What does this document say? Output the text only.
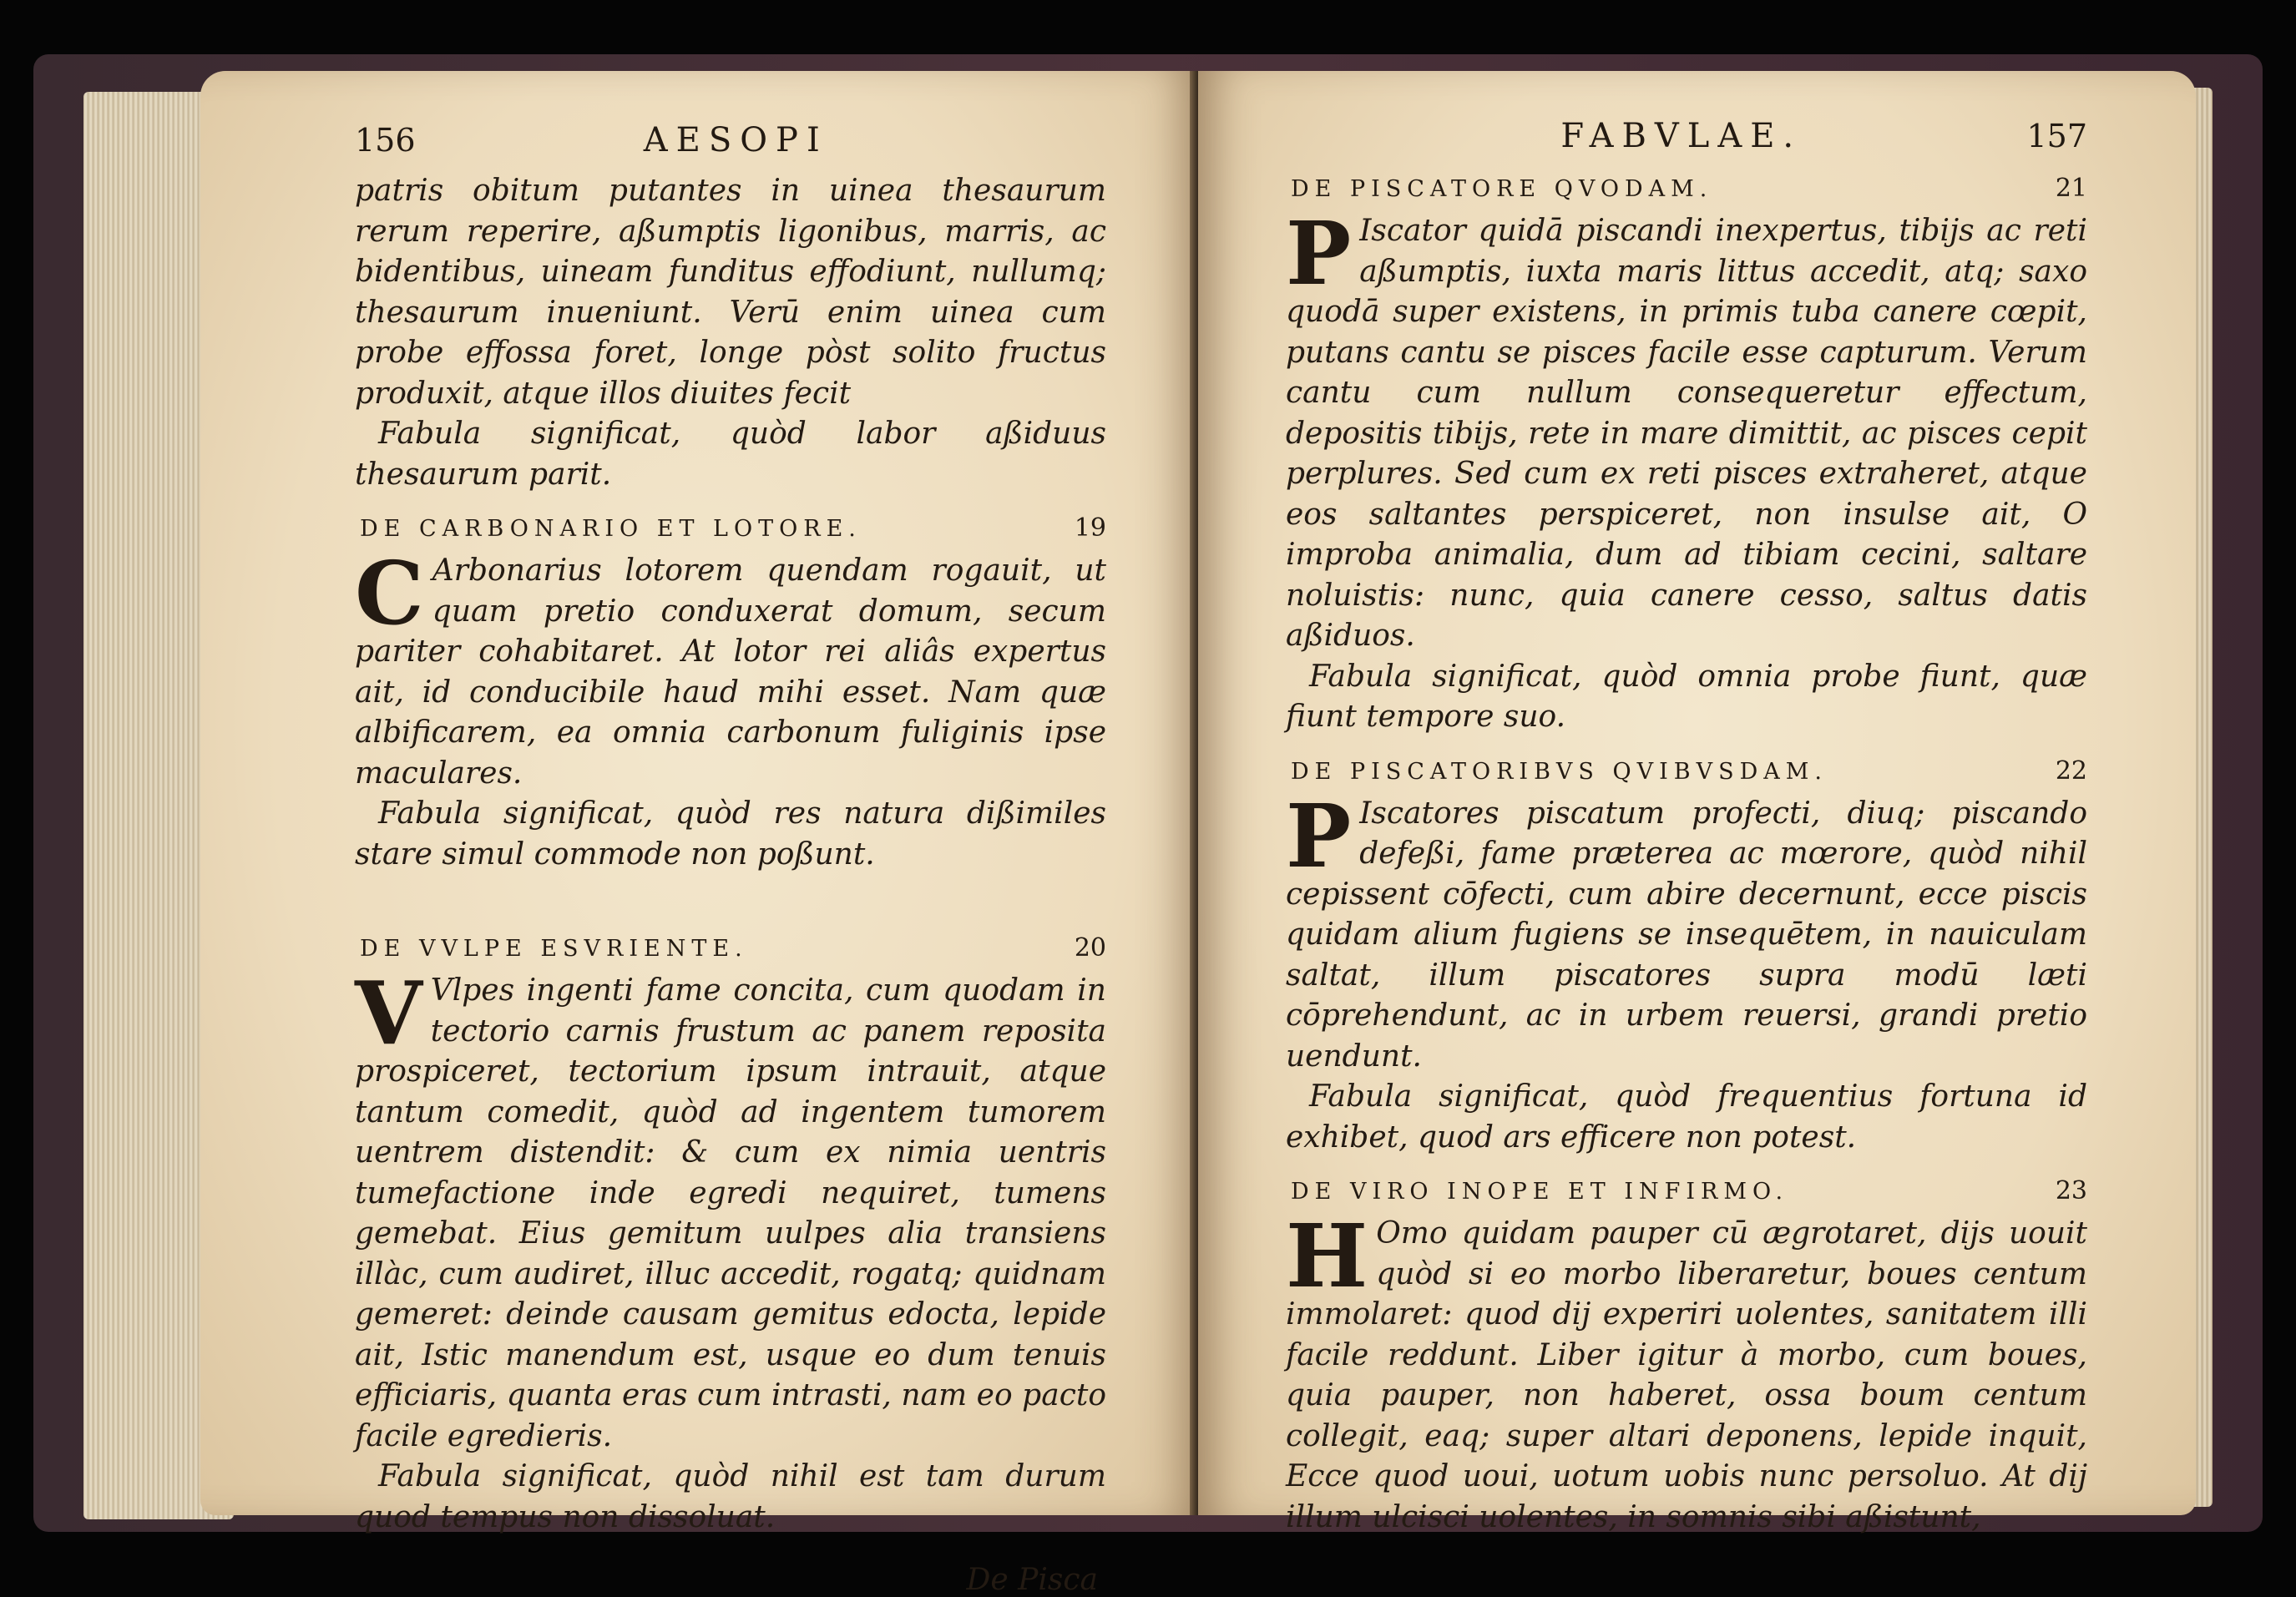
156	AESOPI

patris obitum putantes in uinea thesaurum rerum reperire, aßumptis ligonibus, marris, ac bidentibus, uineam funditus effodiunt, nullumq; thesaurum inueniunt. Verū enim uinea cum probe effossa foret, longe pòst solito fructus produxit, atque illos diuites fecit

Fabula significat, quòd labor aßiduus thesaurum parit.

DE CARBONARIO ET LOTORE.	19

C Arbonarius lotorem quendam rogauit, ut quam pretio conduxerat domum, secum pariter cohabitaret. At lotor rei aliâs expertus ait, id conducibile haud mihi esset. Nam quæ albificarem, ea omnia carbonum fuliginis ipse maculares.

Fabula significat, quòd res natura dißimiles stare simul commode non poßunt.

DE VVLPE ESVRIENTE.	20

V Vlpes ingenti fame concita, cum quodam in tectorio carnis frustum ac panem reposita prospiceret, tectorium ipsum intrauit, atque tantum comedit, quòd ad ingentem tumorem uentrem distendit: & cum ex nimia uentris tumefactione inde egredi nequiret, tumens gemebat. Eius gemitum uulpes alia transiens illàc, cum audiret, illuc accedit, rogatq; quidnam gemeret: deinde causam gemitus edocta, lepide ait, Istic manendum est, usque eo dum tenuis efficiaris, quanta eras cum intrasti, nam eo pacto facile egredieris.

Fabula significat, quòd nihil est tam durum quod tempus non dissoluat.

De Pisca
FABVLAE.	157
DE PISCATORE QVODAM.	21

P Iscator quidā piscandi inexpertus, tibijs ac reti aßumptis, iuxta maris littus accedit, atq; saxo quodā super existens, in primis tuba canere cœpit, putans cantu se pisces facile esse capturum. Verum cantu cum nullum consequeretur effectum, depositis tibijs, rete in mare dimittit, ac pisces cepit perplures. Sed cum ex reti pisces extraheret, atque eos saltantes perspiceret, non insulse ait, O improba animalia, dum ad tibiam cecini, saltare noluistis: nunc, quia canere cesso, saltus datis aßiduos.

Fabula significat, quòd omnia probe fiunt, quæ fiunt tempore suo.

DE PISCATORIBVS QVIBVSDAM.	22

P Iscatores piscatum profecti, diuq; piscando defeßi, fame præterea ac mœrore, quòd nihil cepissent cōfecti, cum abire decernunt, ecce piscis quidam alium fugiens se insequētem, in nauiculam saltat, illum piscatores supra modū læti cōprehendunt, ac in urbem reuersi, grandi pretio uendunt.

Fabula significat, quòd frequentius fortuna id exhibet, quod ars efficere non potest.

DE VIRO INOPE ET INFIRMO.	23

H Omo quidam pauper cū ægrotaret, dijs uouit quòd si eo morbo liberaretur, boues centum immolaret: quod dij experiri uolentes, sanitatem illi facile reddunt. Liber igitur à morbo, cum boues, quia pauper, non haberet, ossa boum centum collegit, eaq; super altari deponens, lepide inquit, Ecce quod uoui, uotum uobis nunc persoluo. At dij illum ulcisci uolentes, in somnis sibi aßistunt,
